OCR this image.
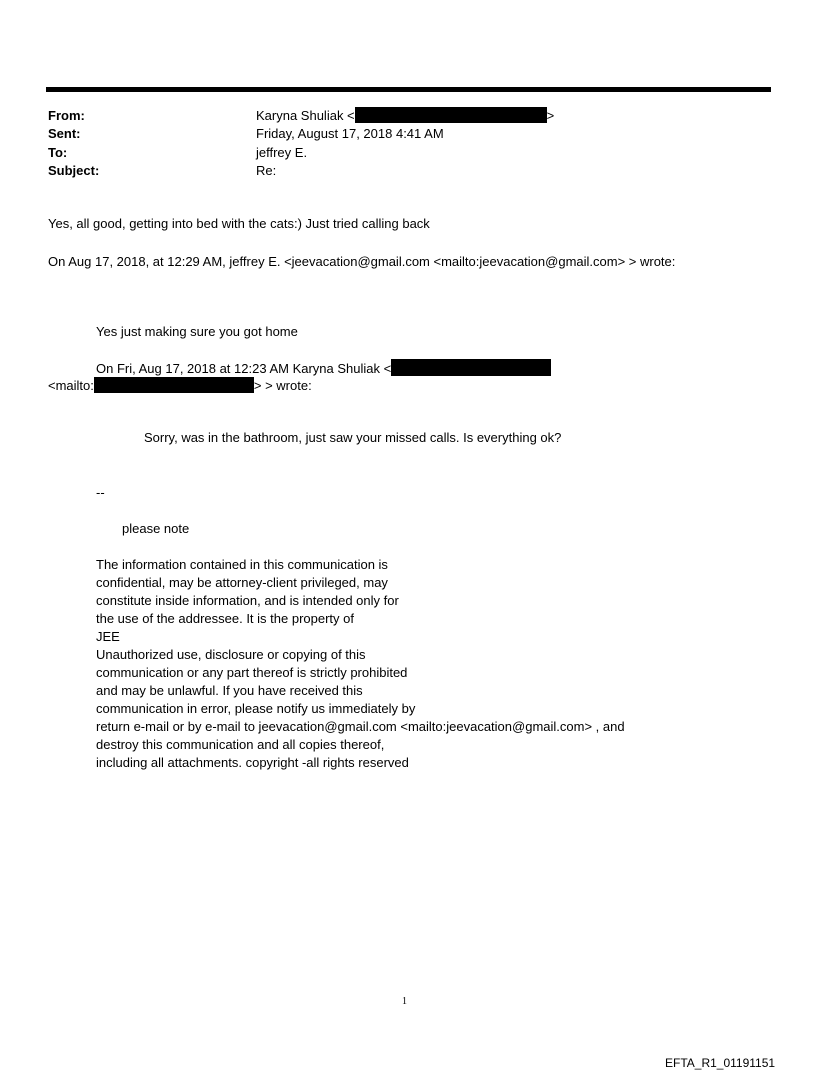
From:	Karyna Shuliak <	>
Sent:	Friday, August 17, 2018 4:41 AM
To:	jeffrey E.
Subject:	Re:
Yes, all good, getting into bed with the cats:) Just tried calling back
On Aug 17, 2018, at 12:29 AM, jeffrey E. <jeevacation@gmail.com <mailto:jeevacation@gmail.com> > wrote:
Yes just making sure you got home
On Fri, Aug 17, 2018 at 12:23 AM Karyna Shuliak <
<mailto:	> > wrote:
Sorry, was in the bathroom, just saw your missed calls. Is everything ok?
--
please note
The information contained in this communication is
confidential, may be attorney-client privileged, may
constitute inside information, and is intended only for
the use of the addressee. It is the property of
JEE
Unauthorized use, disclosure or copying of this
communication or any part thereof is strictly prohibited
and may be unlawful. If you have received this
communication in error, please notify us immediately by
return e-mail or by e-mail to jeevacation@gmail.com <mailto:jeevacation@gmail.com> , and
destroy this communication and all copies thereof,
including all attachments. copyright -all rights reserved
1
EFTA_R1_01191151
